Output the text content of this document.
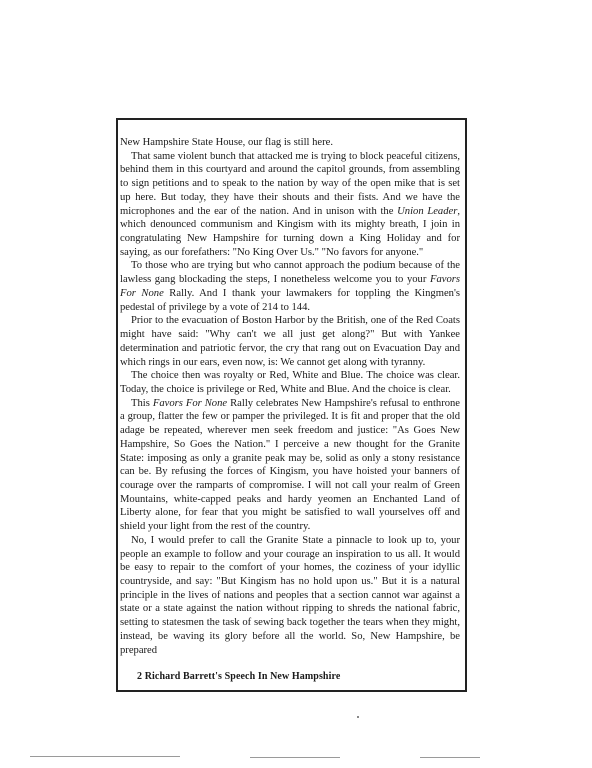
New Hampshire State House, our flag is still here.

That same violent bunch that attacked me is trying to block peaceful citizens, behind them in this courtyard and around the capitol grounds, from assembling to sign petitions and to speak to the nation by way of the open mike that is set up here. But today, they have their shouts and their fists. And we have the microphones and the ear of the nation. And in unison with the Union Leader, which denounced communism and Kingism with its mighty breath, I join in congratulating New Hampshire for turning down a King Holiday and for saying, as our forefathers: "No King Over Us." "No favors for anyone."

To those who are trying but who cannot approach the podium because of the lawless gang blockading the steps, I nonetheless welcome you to your Favors For None Rally. And I thank your lawmakers for toppling the Kingmen's pedestal of privilege by a vote of 214 to 144.

Prior to the evacuation of Boston Harbor by the British, one of the Red Coats might have said: "Why can't we all just get along?" But with Yankee determination and patriotic fervor, the cry that rang out on Evacuation Day and which rings in our ears, even now, is: We cannot get along with tyranny.

The choice then was royalty or Red, White and Blue. The choice was clear. Today, the choice is privilege or Red, White and Blue. And the choice is clear.

This Favors For None Rally celebrates New Hampshire's refusal to enthrone a group, flatter the few or pamper the privileged. It is fit and proper that the old adage be repeated, wherever men seek freedom and justice: "As Goes New Hampshire, So Goes the Nation." I perceive a new thought for the Granite State: imposing as only a granite peak may be, solid as only a stony resistance can be. By refusing the forces of Kingism, you have hoisted your banners of courage over the ramparts of compromise. I will not call your realm of Green Mountains, white-capped peaks and hardy yeomen an Enchanted Land of Liberty alone, for fear that you might be satisfied to wall yourselves off and shield your light from the rest of the country.

No, I would prefer to call the Granite State a pinnacle to look up to, your people an example to follow and your courage an inspiration to us all. It would be easy to repair to the comfort of your homes, the coziness of your idyllic countryside, and say: "But Kingism has no hold upon us." But it is a natural principle in the lives of nations and peoples that a section cannot war against a state or a state against the nation without ripping to shreds the national fabric, setting to statesmen the task of sewing back together the tears when they might, instead, be waving its glory before all the world. So, New Hampshire, be prepared

2 Richard Barrett's Speech In New Hampshire
